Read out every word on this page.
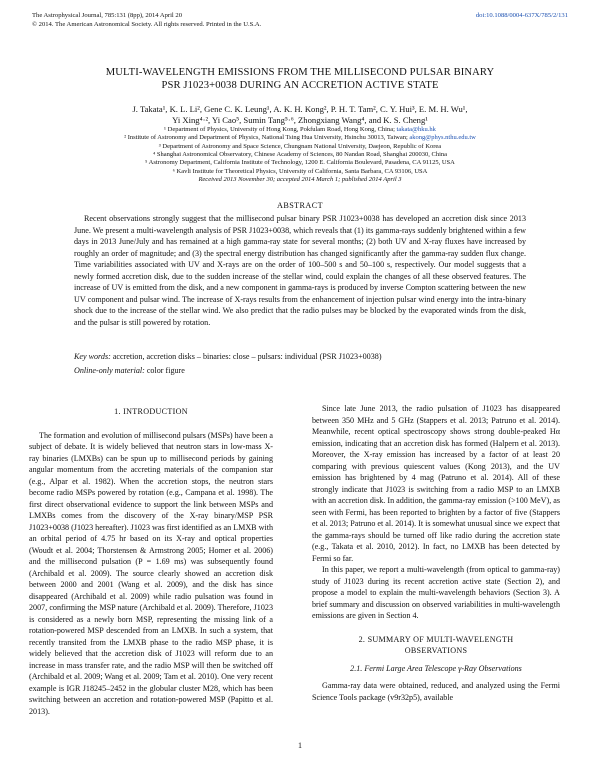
The Astrophysical Journal, 785:131 (8pp), 2014 April 20	doi:10.1088/0004-637X/785/2/131
© 2014. The American Astronomical Society. All rights reserved. Printed in the U.S.A.
MULTI-WAVELENGTH EMISSIONS FROM THE MILLISECOND PULSAR BINARY
PSR J1023+0038 DURING AN ACCRETION ACTIVE STATE
J. Takata¹, K. L. Li², Gene C. K. Leung¹, A. K. H. Kong², P. H. T. Tam², C. Y. Hui³, E. M. H. Wu¹,
Yi Xing⁴·², Yi Cao⁵, Sumin Tang⁵·⁶, Zhongxiang Wang⁴, and K. S. Cheng¹
¹ Department of Physics, University of Hong Kong, Pokfulam Road, Hong Kong, China; takata@hku.hk
² Institute of Astronomy and Department of Physics, National Tsing Hua University, Hsinchu 30013, Taiwan; akong@phys.nthu.edu.tw
³ Department of Astronomy and Space Science, Chungnam National University, Daejeon, Republic of Korea
⁴ Shanghai Astronomical Observatory, Chinese Academy of Sciences, 80 Nandan Road, Shanghai 200030, China
⁵ Astronomy Department, California Institute of Technology, 1200 E. California Boulevard, Pasadena, CA 91125, USA
⁶ Kavli Institute for Theoretical Physics, University of California, Santa Barbara, CA 93106, USA
Received 2013 November 30; accepted 2014 March 1; published 2014 April 3
ABSTRACT
Recent observations strongly suggest that the millisecond pulsar binary PSR J1023+0038 has developed an accretion disk since 2013 June. We present a multi-wavelength analysis of PSR J1023+0038, which reveals that (1) its gamma-rays suddenly brightened within a few days in 2013 June/July and has remained at a high gamma-ray state for several months; (2) both UV and X-ray fluxes have increased by roughly an order of magnitude; and (3) the spectral energy distribution has changed significantly after the gamma-ray sudden flux change. Time variabilities associated with UV and X-rays are on the order of 100–500 s and 50–100 s, respectively. Our model suggests that a newly formed accretion disk, due to the sudden increase of the stellar wind, could explain the changes of all these observed features. The increase of UV is emitted from the disk, and a new component in gamma-rays is produced by inverse Compton scattering between the new UV component and pulsar wind. The increase of X-rays results from the enhancement of injection pulsar wind energy into the intra-binary shock due to the increase of the stellar wind. We also predict that the radio pulses may be blocked by the evaporated winds from the disk, and the pulsar is still powered by rotation.
Key words: accretion, accretion disks – binaries: close – pulsars: individual (PSR J1023+0038)
Online-only material: color figure
1. INTRODUCTION

The formation and evolution of millisecond pulsars (MSPs) have been a subject of debate. It is widely believed that neutron stars in low-mass X-ray binaries (LMXBs) can be spun up to millisecond periods by gaining angular momentum from the accreting materials of the companion star (e.g., Alpar et al. 1982). When the accretion stops, the neutron stars become radio MSPs powered by rotation (e.g., Campana et al. 1998). The first direct observational evidence to support the link between MSPs and LMXBs comes from the discovery of the X-ray binary/MSP PSR J1023+0038 (J1023 hereafter). J1023 was first identified as an LMXB with an orbital period of 4.75 hr based on its X-ray and optical properties (Woudt et al. 2004; Thorstensen & Armstrong 2005; Homer et al. 2006) and the millisecond pulsation (P = 1.69 ms) was subsequently found (Archibald et al. 2009). The source clearly showed an accretion disk between 2000 and 2001 (Wang et al. 2009), and the disk has since disappeared (Archibald et al. 2009) while radio pulsation was found in 2007, confirming the MSP nature (Archibald et al. 2009). Therefore, J1023 is considered as a newly born MSP, representing the missing link of a rotation-powered MSP descended from an LMXB. In such a system, that recently transited from the LMXB phase to the radio MSP phase, it is widely believed that the accretion disk of J1023 will reform due to an increase in mass transfer rate, and the radio MSP will then be switched off (Archibald et al. 2009; Wang et al. 2009; Tam et al. 2010). One very recent example is IGR J18245–2452 in the globular cluster M28, which has been switching between an accretion and rotation-powered MSP (Papitto et al. 2013).

Since late June 2013, the radio pulsation of J1023 has disappeared between 350 MHz and 5 GHz (Stappers et al. 2013; Patruno et al. 2014). Meanwhile, recent optical spectroscopy shows strong double-peaked Hα emission, indicating that an accretion disk has formed (Halpern et al. 2013). Moreover, the X-ray emission has increased by a factor of at least 20 comparing with previous quiescent values (Kong 2013), and the UV emission has brightened by 4 mag (Patruno et al. 2014). All of these strongly indicate that J1023 is switching from a radio MSP to an LMXB with an accretion disk. In addition, the gamma-ray emission (>100 MeV), as seen with Fermi, has been reported to brighten by a factor of five (Stappers et al. 2013; Patruno et al. 2014). It is somewhat unusual since we expect that the gamma-rays should be turned off like radio during the accretion state (e.g., Takata et al. 2010, 2012). In fact, no LMXB has been detected by Fermi so far.

In this paper, we report a multi-wavelength (from optical to gamma-ray) study of J1023 during its recent accretion active state (Section 2), and propose a model to explain the multi-wavelength behaviors (Section 3). A brief summary and discussion on observed variabilities in multi-wavelength emissions are given in Section 4.

2. SUMMARY OF MULTI-WAVELENGTH
OBSERVATIONS
2.1. Fermi Large Area Telescope γ-Ray Observations

Gamma-ray data were obtained, reduced, and analyzed using the Fermi Science Tools package (v9r32p5), available

1
